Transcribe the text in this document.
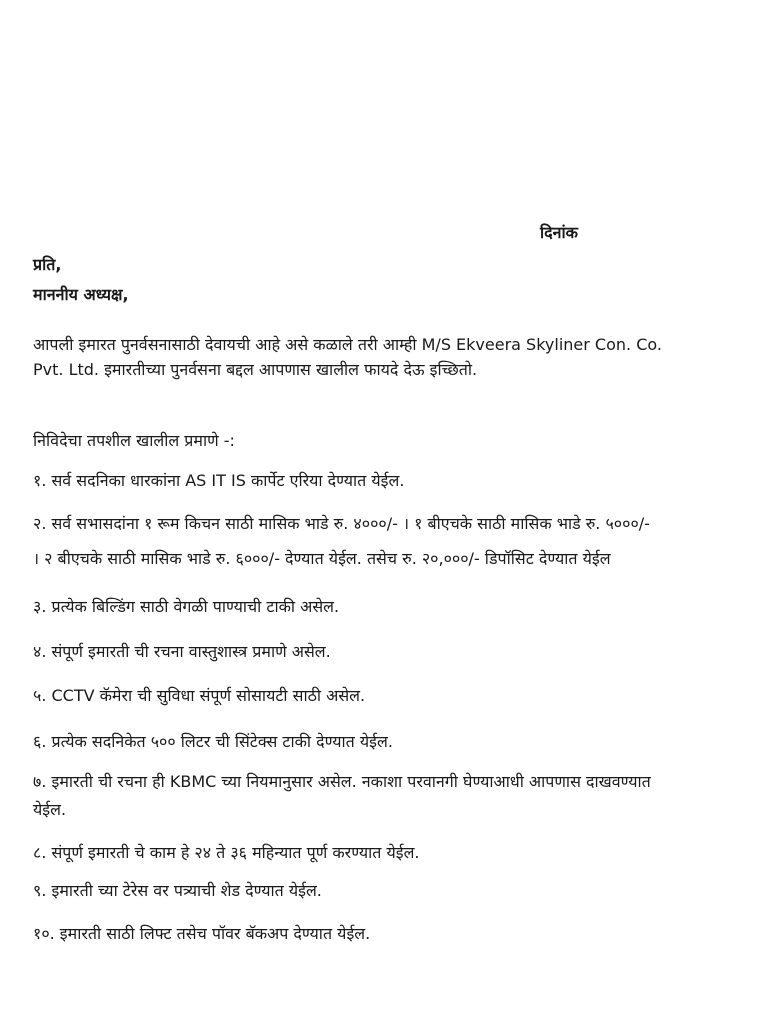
दिनांक
प्रति,
माननीय अध्यक्ष,
आपली इमारत पुनर्वसनासाठी देवायची आहे असे कळाले तरी आम्ही M/S Ekveera Skyliner Con. Co.
Pvt. Ltd. इमारतीच्या पुनर्वसना बद्दल आपणास खालील फायदे देऊ इच्छितो.
निविदेचा तपशील खालील प्रमाणे -:
१. सर्व सदनिका धारकांना AS IT IS कार्पेट एरिया देण्यात येईल.
२. सर्व सभासदांना १ रूम किचन साठी मासिक भाडे रु. ४०००/- । १ बीएचके साठी मासिक भाडे रु. ५०००/-
। २ बीएचके साठी मासिक भाडे रु. ६०००/- देण्यात येईल. तसेच रु. २०,०००/- डिपॉसिट देण्यात येईल
३. प्रत्येक बिल्डिंग साठी वेगळी पाण्याची टाकी असेल.
४. संपूर्ण इमारती ची रचना वास्तुशास्त्र प्रमाणे असेल.
५. CCTV कॅमेरा ची सुविधा संपूर्ण सोसायटी साठी असेल.
६. प्रत्येक सदनिकेत ५०० लिटर ची सिंटेक्स टाकी देण्यात येईल.
७. इमारती ची रचना ही KBMC च्या नियमानुसार असेल. नकाशा परवानगी घेण्याआधी आपणास दाखवण्यात
येईल.
८. संपूर्ण इमारती चे काम हे २४ ते ३६ महिन्यात पूर्ण करण्यात येईल.
९. इमारती च्या टेरेस वर पत्र्याची शेड देण्यात येईल.
१०. इमारती साठी लिफ्ट तसेच पॉवर बॅकअप देण्यात येईल.
